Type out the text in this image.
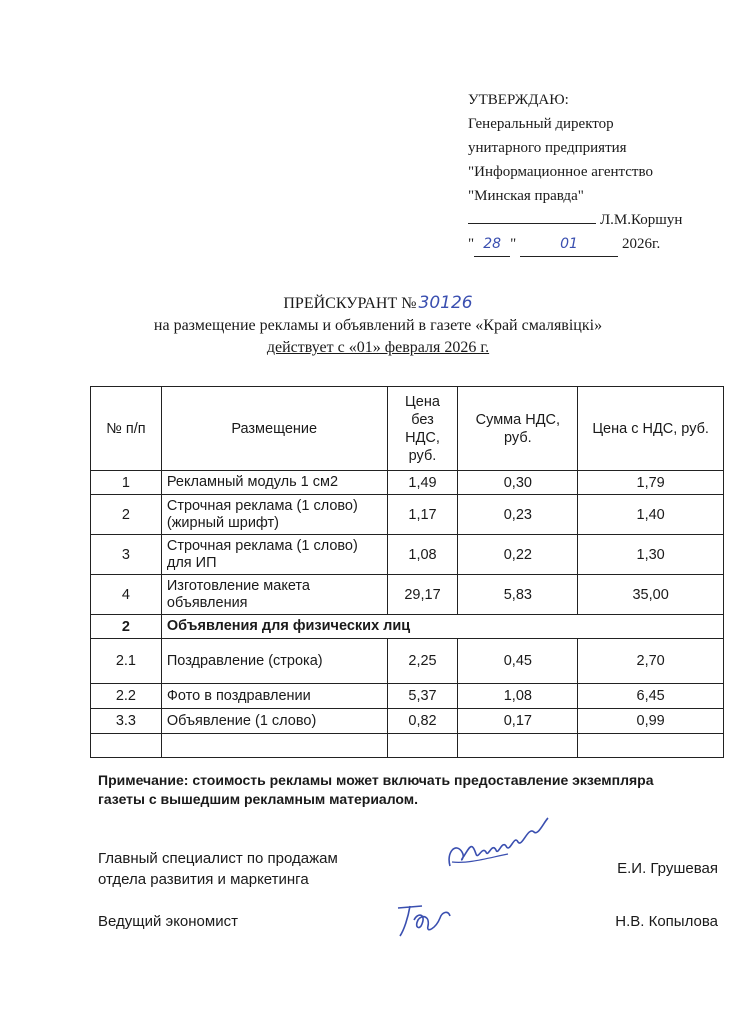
УТВЕРЖДАЮ:
Генеральный директор
унитарного предприятия
"Информационное агентство
"Минская правда"
Л.М.Коршун
" 28 "	01	2026г.
ПРЕЙСКУРАНТ № 30126
на размещение рекламы и объявлений в газете «Край смалявіцкі»
действует с «01» февраля 2026 г.
№ п/п	Размещение	Цена без НДС, руб.	Сумма НДС, руб.	Цена с НДС, руб.
1	Рекламный модуль 1 см2	1,49	0,30	1,79
2	Строчная реклама (1 слово) (жирный шрифт)	1,17	0,23	1,40
3	Строчная реклама (1 слово) для ИП	1,08	0,22	1,30
4	Изготовление макета объявления	29,17	5,83	35,00
2	Объявления для физических лиц			
2.1	Поздравление (строка)	2,25	0,45	2,70
2.2	Фото в поздравлении	5,37	1,08	6,45
3.3	Объявление (1 слово)	0,82	0,17	0,99

Примечание: стоимость рекламы может включать предоставление экземпляра газеты с вышедшим рекламным материалом.
Главный специалист по продажам
отдела развития и маркетинга
Е.И. Грушевая
Ведущий экономист	Н.В. Копылова
